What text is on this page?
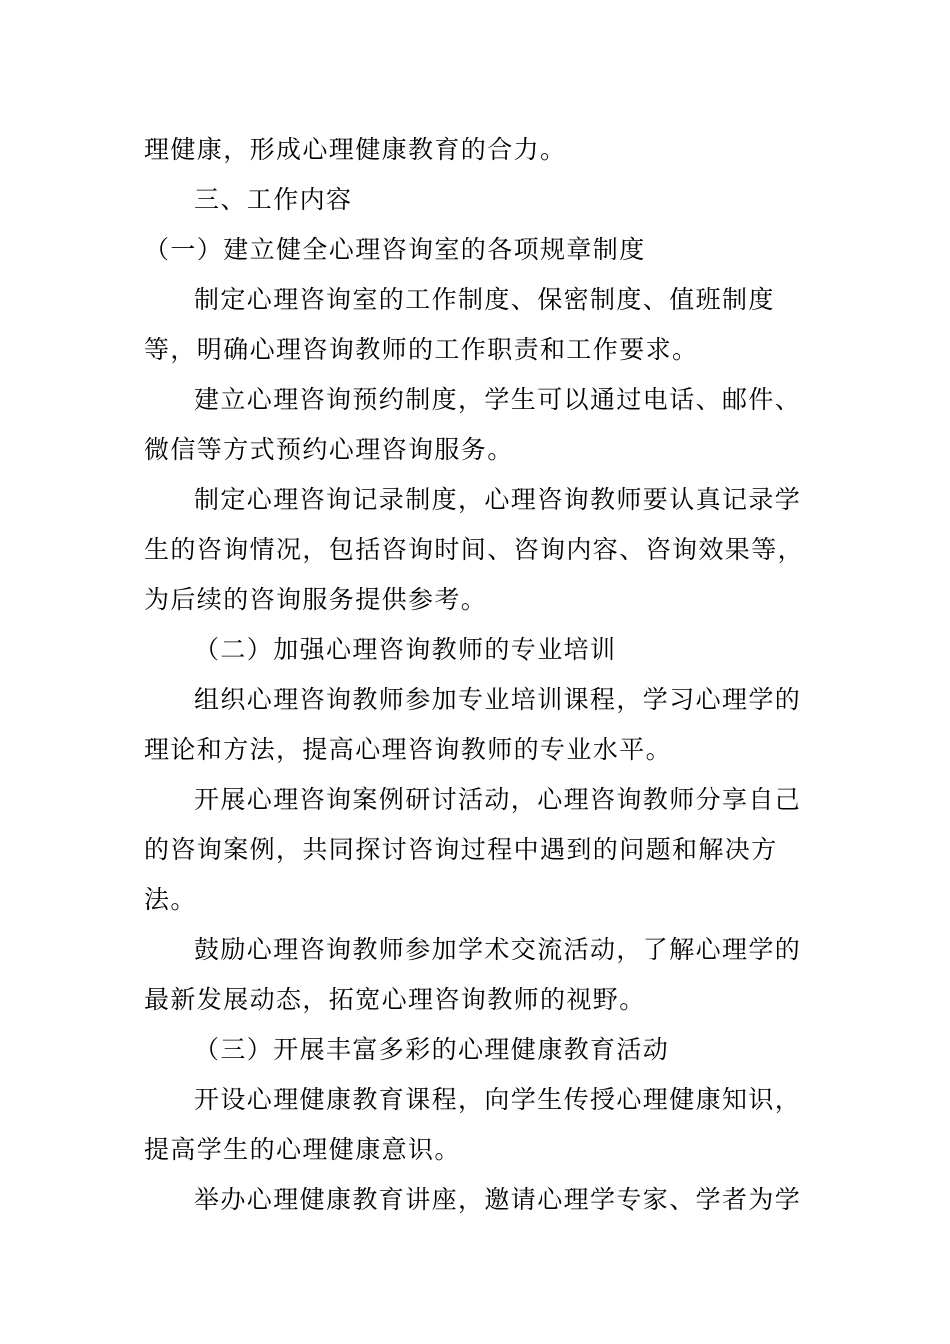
理健康，形成心理健康教育的合力。
三、工作内容
（一）建立健全心理咨询室的各项规章制度
制定心理咨询室的工作制度、保密制度、值班制度
等，明确心理咨询教师的工作职责和工作要求。
建立心理咨询预约制度，学生可以通过电话、邮件、
微信等方式预约心理咨询服务。
制定心理咨询记录制度，心理咨询教师要认真记录学
生的咨询情况，包括咨询时间、咨询内容、咨询效果等，
为后续的咨询服务提供参考。
（二）加强心理咨询教师的专业培训
组织心理咨询教师参加专业培训课程，学习心理学的
理论和方法，提高心理咨询教师的专业水平。
开展心理咨询案例研讨活动，心理咨询教师分享自己
的咨询案例，共同探讨咨询过程中遇到的问题和解决方
法。
鼓励心理咨询教师参加学术交流活动，了解心理学的
最新发展动态，拓宽心理咨询教师的视野。
（三）开展丰富多彩的心理健康教育活动
开设心理健康教育课程，向学生传授心理健康知识，
提高学生的心理健康意识。
举办心理健康教育讲座，邀请心理学专家、学者为学
